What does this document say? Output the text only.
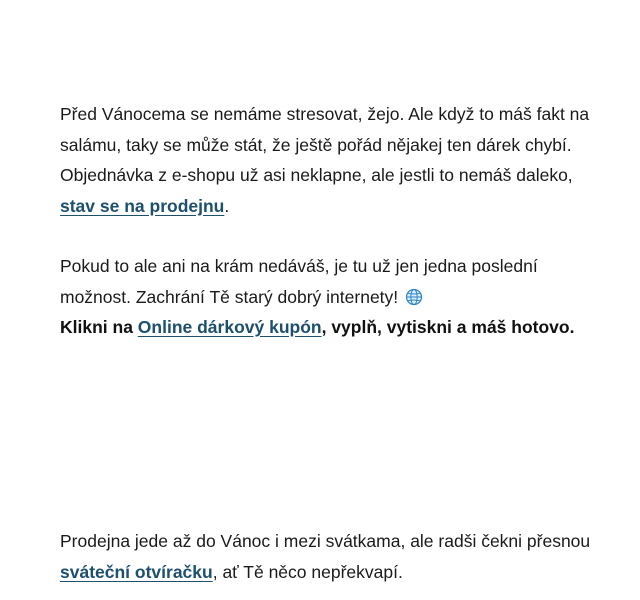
Před Vánocema se nemáme stresovat, žejo. Ale když to máš fakt na salámu, taky se může stát, že ještě pořád nějakej ten dárek chybí. Objednávka z e-shopu už asi neklapne, ale jestli to nemáš daleko, stav se na prodejnu.

Pokud to ale ani na krám nedáváš, je tu už jen jedna poslední možnost. Zachrání Tě starý dobrý internety!
Klikni na Online dárkový kupón, vyplň, vytiskni a máš hotovo.

Prodejna jede až do Vánoc i mezi svátkama, ale radši čekni přesnou sváteční otvíračku, ať Tě něco nepřekvapí.
